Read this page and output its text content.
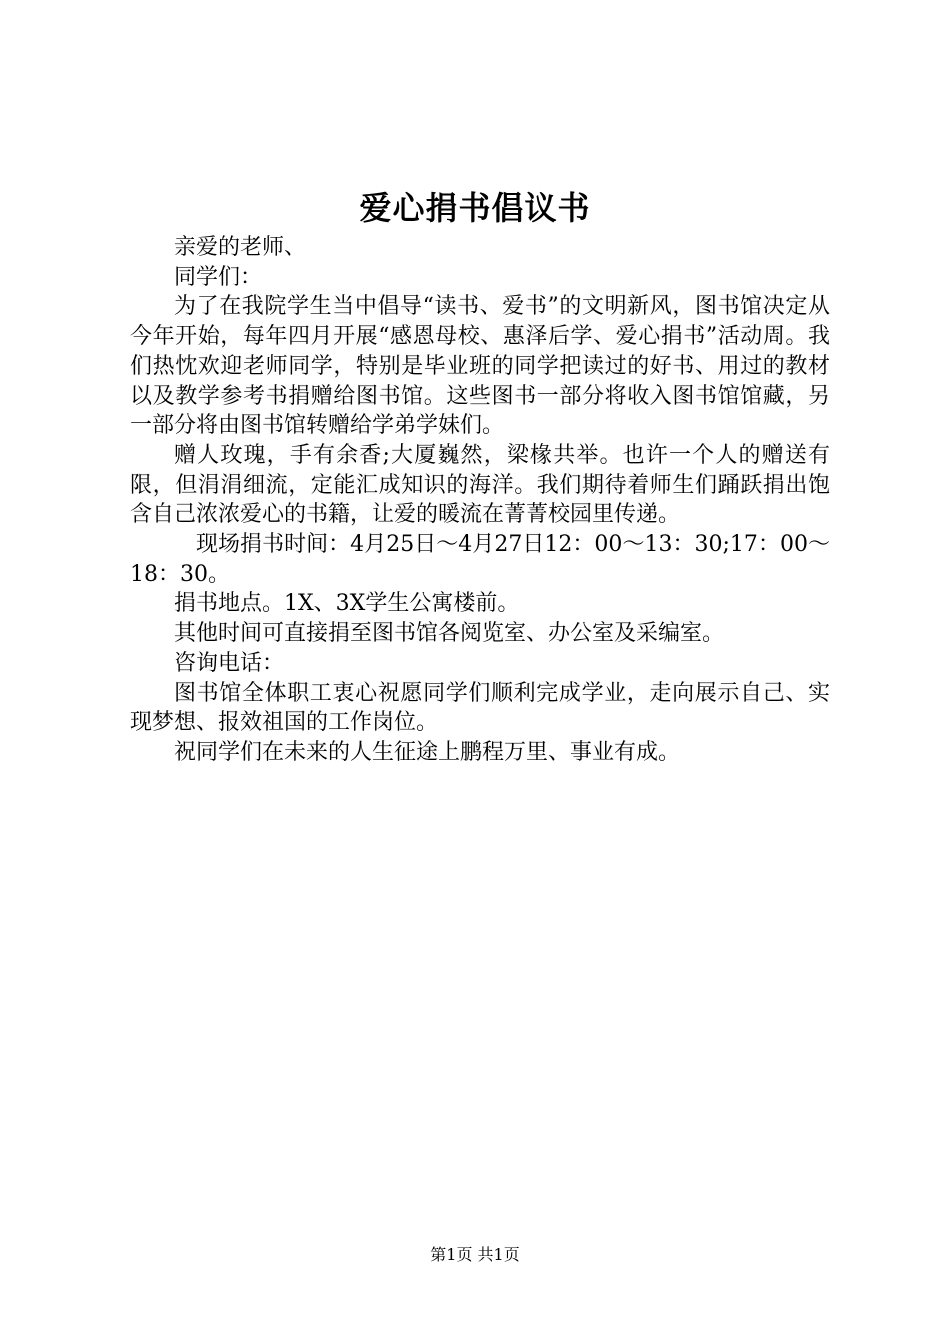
爱心捐书倡议书

亲爱的老师、

同学们：

为了在我院学生当中倡导“读书、爱书”的文明新风，图书馆决定从今年开始，每年四月开展“感恩母校、惠泽后学、爱心捐书”活动周。我们热忱欢迎老师同学，特别是毕业班的同学把读过的好书、用过的教材以及教学参考书捐赠给图书馆。这些图书一部分将收入图书馆馆藏，另一部分将由图书馆转赠给学弟学妹们。

赠人玫瑰，手有余香;大厦巍然，梁椽共举。也许一个人的赠送有限，但涓涓细流，定能汇成知识的海洋。我们期待着师生们踊跃捐出饱含自己浓浓爱心的书籍，让爱的暖流在菁菁校园里传递。

现场捐书时间：4月25日～4月27日12：00～13：30;17：00～18：30。

捐书地点。1X、3X学生公寓楼前。

其他时间可直接捐至图书馆各阅览室、办公室及采编室。

咨询电话：

图书馆全体职工衷心祝愿同学们顺利完成学业，走向展示自己、实现梦想、报效祖国的工作岗位。

祝同学们在未来的人生征途上鹏程万里、事业有成。

第1页 共1页
